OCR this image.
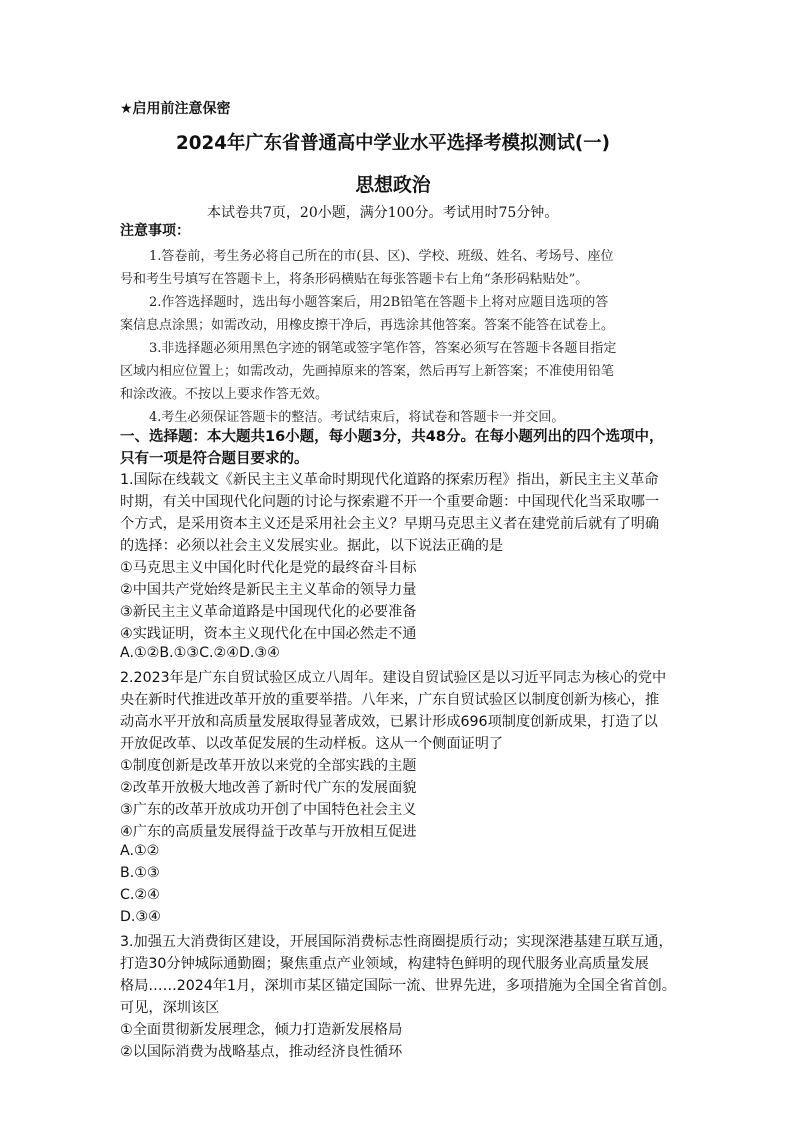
★启用前注意保密
2024年广东省普通高中学业水平选择考模拟测试(一)
思想政治
本试卷共7页，20小题，满分100分。考试用时75分钟。
注意事项：
1.答卷前，考生务必将自己所在的市(县、区)、学校、班级、姓名、考场号、座位
号和考生号填写在答题卡上，将条形码横贴在每张答题卡右上角“条形码粘贴处”。
2.作答选择题时，选出每小题答案后，用2B铅笔在答题卡上将对应题目选项的答
案信息点涂黑；如需改动，用橡皮擦干净后，再选涂其他答案。答案不能答在试卷上。
3.非选择题必须用黑色字迹的钢笔或签字笔作答，答案必须写在答题卡各题目指定
区域内相应位置上；如需改动，先画掉原来的答案，然后再写上新答案；不准使用铅笔
和涂改液。不按以上要求作答无效。
4.考生必须保证答题卡的整洁。考试结束后，将试卷和答题卡一并交回。
一、选择题：本大题共16小题，每小题3分，共48分。在每小题列出的四个选项中，
只有一项是符合题目要求的。
1.国际在线载文《新民主主义革命时期现代化道路的探索历程》指出，新民主主义革命
时期，有关中国现代化问题的讨论与探索避不开一个重要命题：中国现代化当采取哪一
个方式，是采用资本主义还是采用社会主义？早期马克思主义者在建党前后就有了明确
的选择：必须以社会主义发展实业。据此，以下说法正确的是
①马克思主义中国化时代化是党的最终奋斗目标
②中国共产党始终是新民主主义革命的领导力量
③新民主主义革命道路是中国现代化的必要准备
④实践证明，资本主义现代化在中国必然走不通
A.①②B.①③C.②④D.③④
2.2023年是广东自贸试验区成立八周年。建设自贸试验区是以习近平同志为核心的党中
央在新时代推进改革开放的重要举措。八年来，广东自贸试验区以制度创新为核心，推
动高水平开放和高质量发展取得显著成效，已累计形成696项制度创新成果，打造了以
开放促改革、以改革促发展的生动样板。这从一个侧面证明了
①制度创新是改革开放以来党的全部实践的主题
②改革开放极大地改善了新时代广东的发展面貌
③广东的改革开放成功开创了中国特色社会主义
④广东的高质量发展得益于改革与开放相互促进
A.①②
B.①③
C.②④
D.③④
3.加强五大消费街区建设，开展国际消费标志性商圈提质行动；实现深港基建互联互通，
打造30分钟城际通勤圈；聚焦重点产业领域，构建特色鲜明的现代服务业高质量发展
格局……2024年1月，深圳市某区锚定国际一流、世界先进，多项措施为全国全省首创。
可见，深圳该区
①全面贯彻新发展理念，倾力打造新发展格局
②以国际消费为战略基点，推动经济良性循环
